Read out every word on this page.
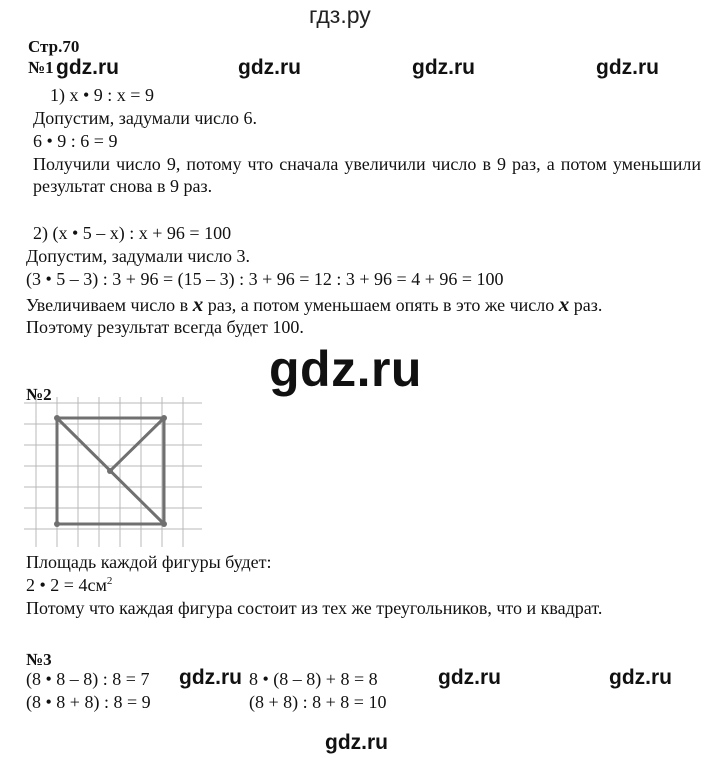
гдз.ру
Стр.70
№1 gdz.ru	gdz.ru	gdz.ru	gdz.ru
1) x • 9 : x = 9
Допустим, задумали число 6.
6 • 9 : 6 = 9
Получили число 9, потому что сначала увеличили число в 9 раз, а потом уменьшили результат снова в 9 раз.
2) (x • 5 – x) : x + 96 = 100
Допустим, задумали число 3.
(3 • 5 – 3) : 3 + 96 = (15 – 3) : 3 + 96 = 12 : 3 + 96 = 4 + 96 = 100
Увеличиваем число в x раз, а потом уменьшаем опять в это же число x раз.
Поэтому результат всегда будет 100.
gdz.ru
№2
Площадь каждой фигуры будет:
2 • $2 = 4см^2$
Потому что каждая фигура состоит из тех же треугольников, что и квадрат.
№3
(8 • 8 – 8) : 8 = 7
(8 • 8 + 8) : 8 = 9
gdz.ru 8 • (8 – 8) + 8 = 8
(8 + 8) : 8 + 8 = 10
gdz.ru	gdz.ru
gdz.ru
